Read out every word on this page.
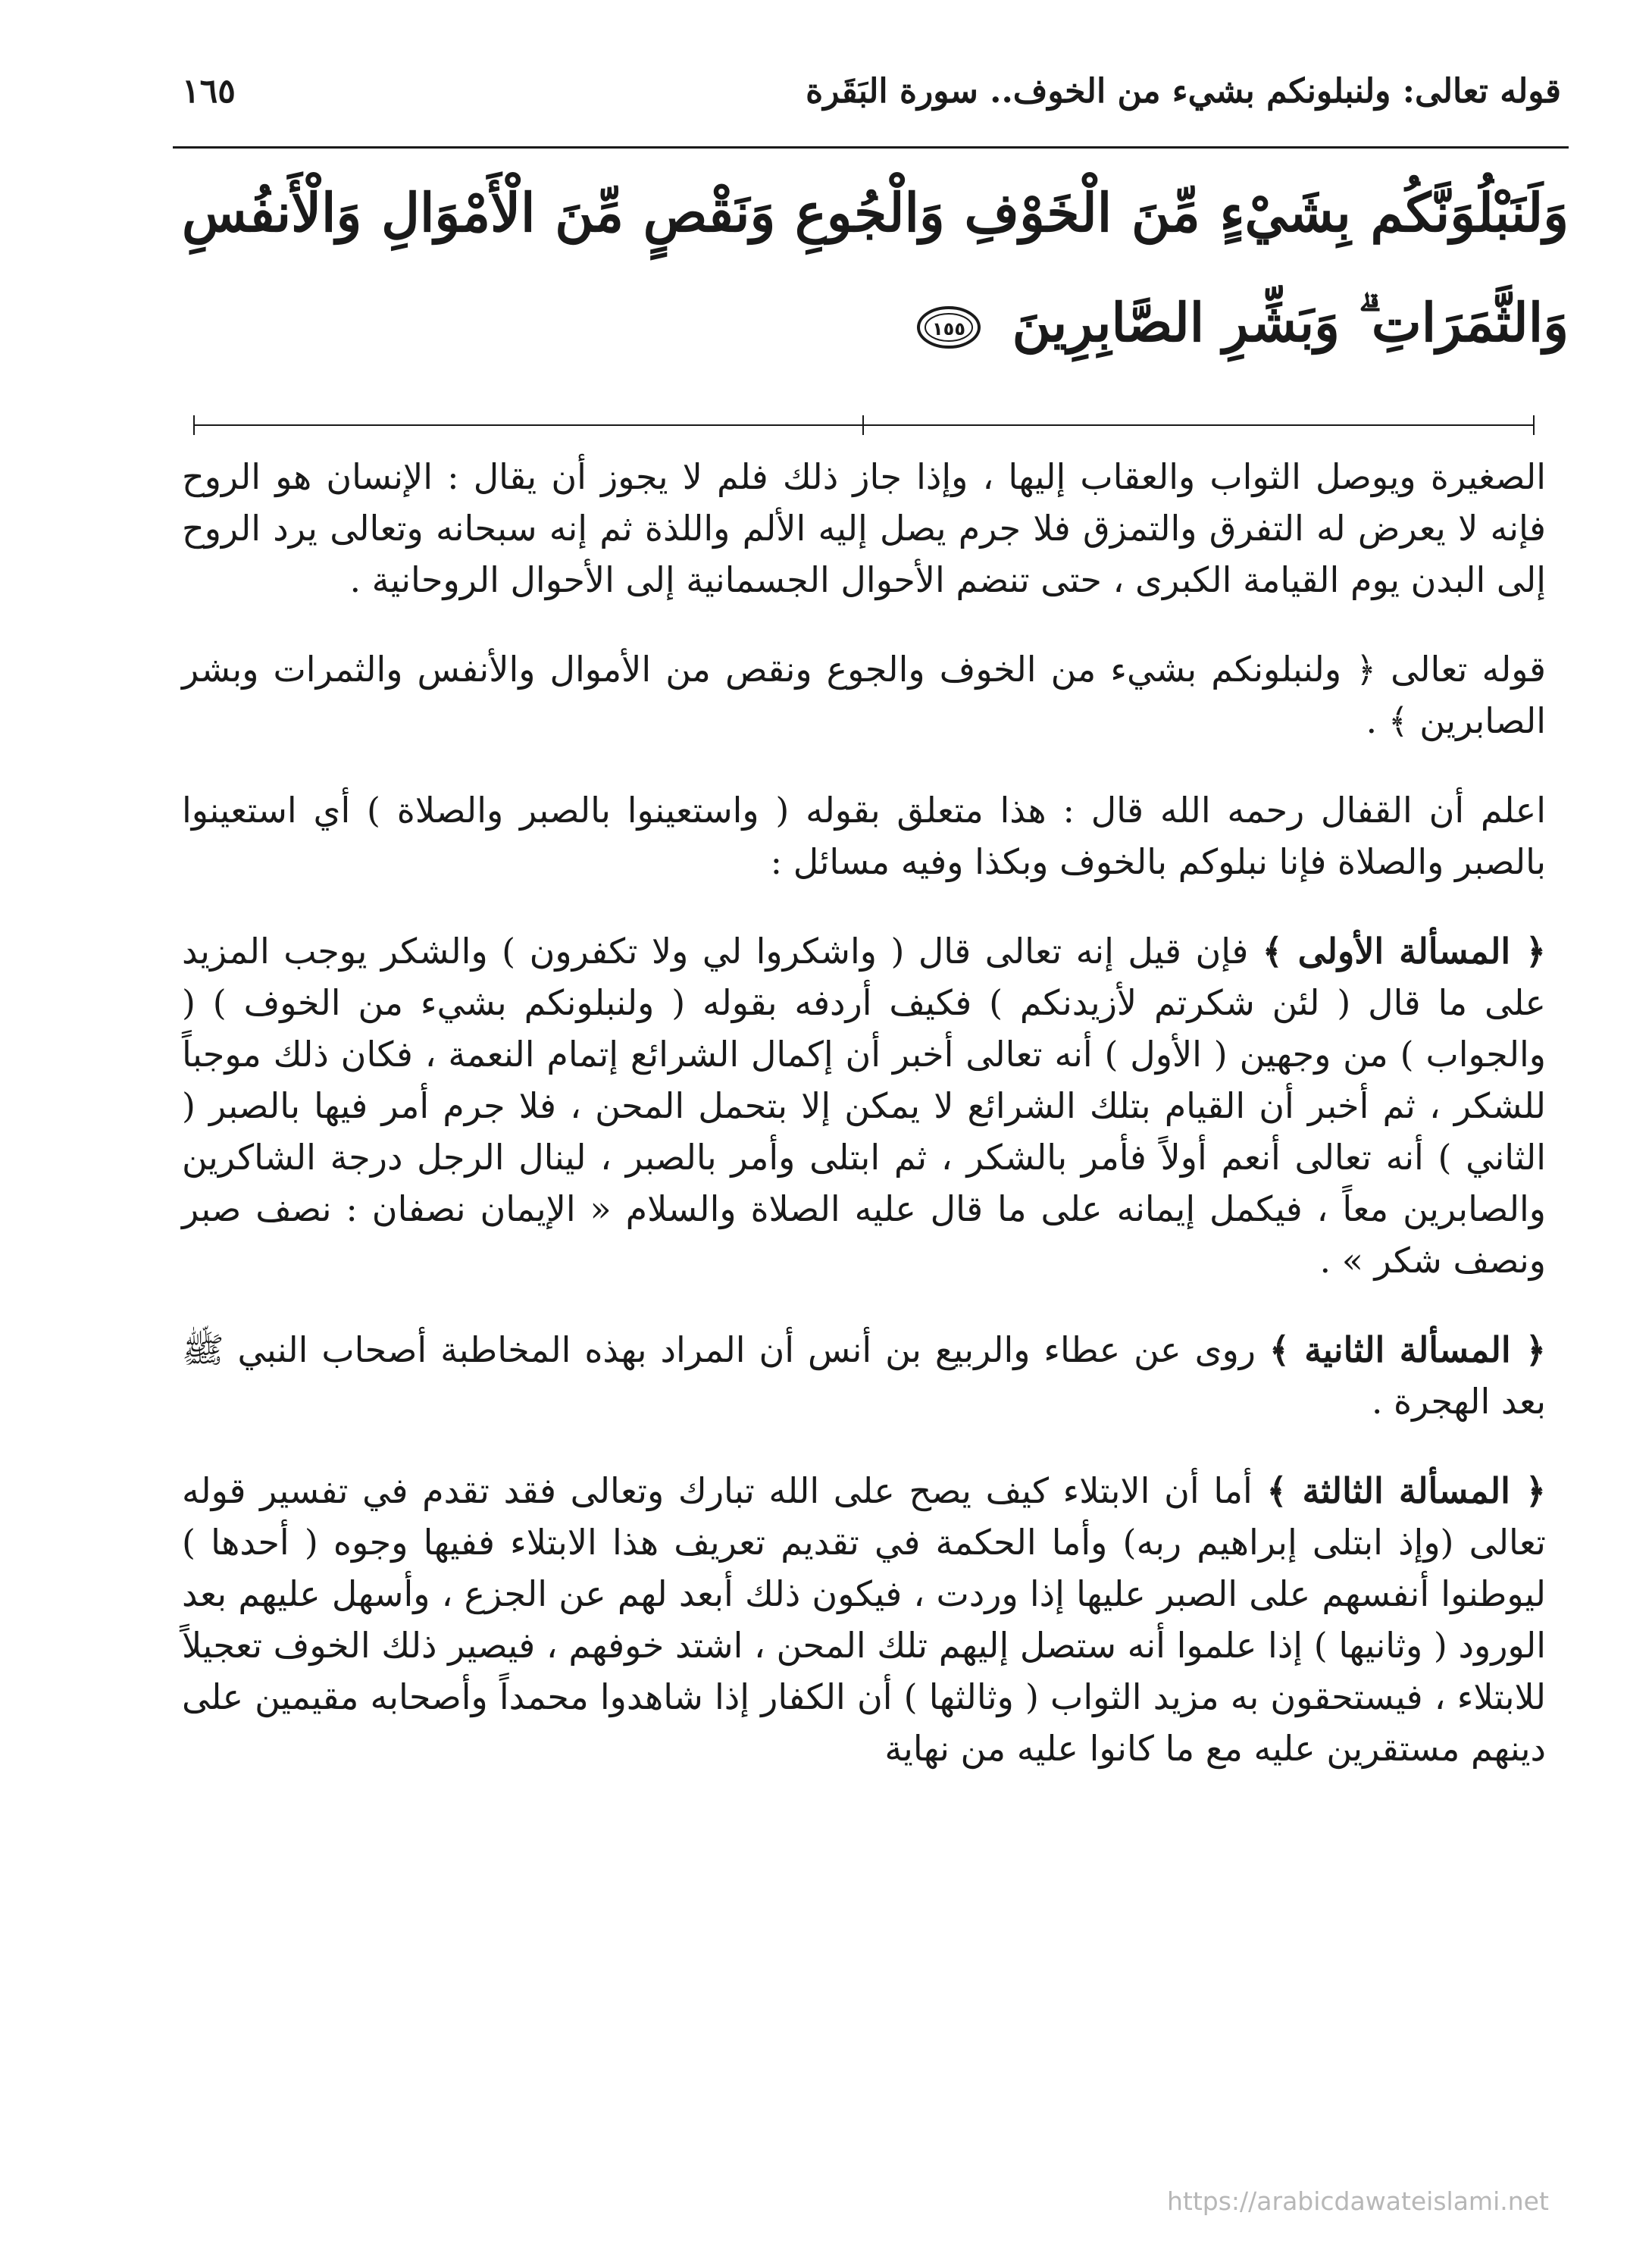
قوله تعالى: ولنبلونكم بشيء من الخوف.. سورة البَقَرة
١٦٥
وَلَنَبْلُوَنَّكُم بِشَيْءٍ مِّنَ الْخَوْفِ وَالْجُوعِ وَنَقْصٍ مِّنَ الْأَمْوَالِ وَالْأَنفُسِ
وَالثَّمَرَاتِ ۗ وَبَشِّرِ الصَّابِرِينَ
١٥٥

الصغيرة ويوصل الثواب والعقاب إليها ، وإذا جاز ذلك فلم لا يجوز أن يقال : الإنسان هو الروح فإنه لا يعرض له التفرق والتمزق فلا جرم يصل إليه الألم واللذة ثم إنه سبحانه وتعالى يرد الروح إلى البدن يوم القيامة الكبرى ، حتى تنضم الأحوال الجسمانية إلى الأحوال الروحانية .

قوله تعالى ﴿ ولنبلونكم بشيء من الخوف والجوع ونقص من الأموال والأنفس والثمرات وبشر الصابرين ﴾ .

اعلم أن القفال رحمه الله قال : هذا متعلق بقوله ( واستعينوا بالصبر والصلاة ) أي استعينوا بالصبر والصلاة فإنا نبلوكم بالخوف وبكذا وفيه مسائل :

﴿ المسألة الأولى ﴾ فإن قيل إنه تعالى قال ( واشكروا لي ولا تكفرون ) والشكر يوجب المزيد على ما قال ( لئن شكرتم لأزيدنكم ) فكيف أردفه بقوله ( ولنبلونكم بشيء من الخوف ) ( والجواب ) من وجهين ( الأول ) أنه تعالى أخبر أن إكمال الشرائع إتمام النعمة ، فكان ذلك موجباً للشكر ، ثم أخبر أن القيام بتلك الشرائع لا يمكن إلا بتحمل المحن ، فلا جرم أمر فيها بالصبر ( الثاني ) أنه تعالى أنعم أولاً فأمر بالشكر ، ثم ابتلى وأمر بالصبر ، لينال الرجل درجة الشاكرين والصابرين معاً ، فيكمل إيمانه على ما قال عليه الصلاة والسلام « الإيمان نصفان : نصف صبر ونصف شكر » .

﴿ المسألة الثانية ﴾ روى عن عطاء والربيع بن أنس أن المراد بهذه المخاطبة أصحاب النبي ﷺ بعد الهجرة .

﴿ المسألة الثالثة ﴾ أما أن الابتلاء كيف يصح على الله تبارك وتعالى فقد تقدم في تفسير قوله تعالى (وإذ ابتلى إبراهيم ربه) وأما الحكمة في تقديم تعريف هذا الابتلاء ففيها وجوه ( أحدها ) ليوطنوا أنفسهم على الصبر عليها إذا وردت ، فيكون ذلك أبعد لهم عن الجزع ، وأسهل عليهم بعد الورود ( وثانيها ) إذا علموا أنه ستصل إليهم تلك المحن ، اشتد خوفهم ، فيصير ذلك الخوف تعجيلاً للابتلاء ، فيستحقون به مزيد الثواب ( وثالثها ) أن الكفار إذا شاهدوا محمداً وأصحابه مقيمين على دينهم مستقرين عليه مع ما كانوا عليه من نهاية

https://arabicdawateislami.net
